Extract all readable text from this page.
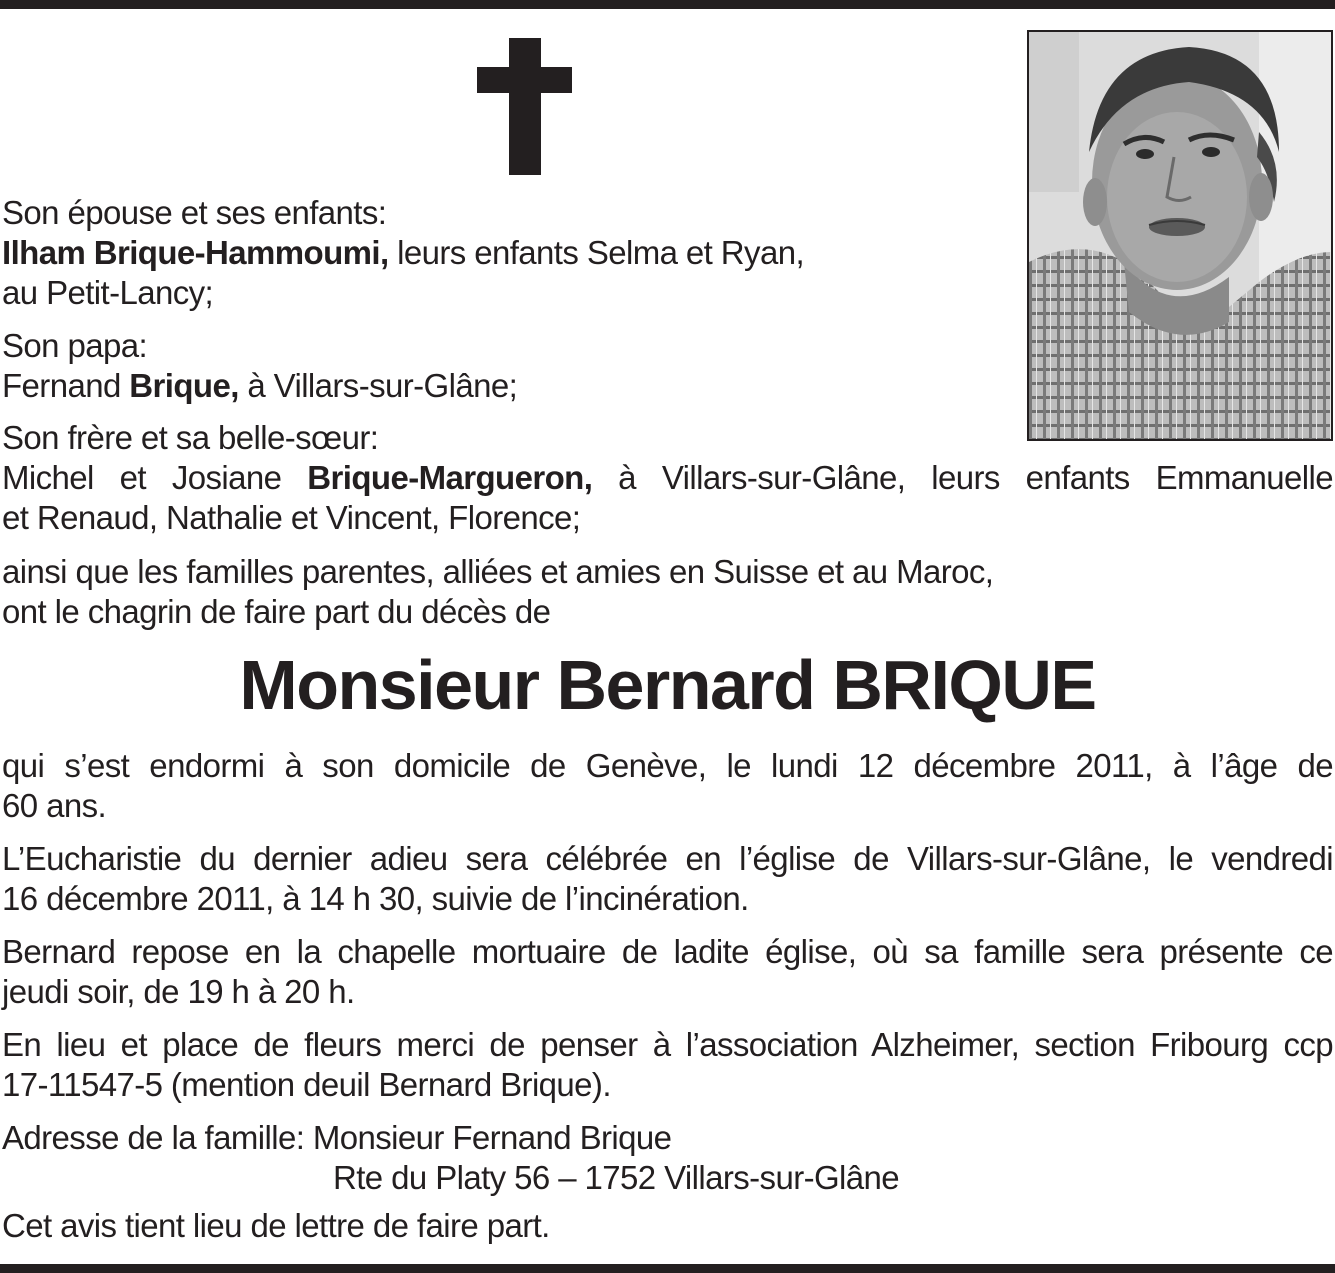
Son épouse et ses enfants:
Ilham Brique-Hammoumi, leurs enfants Selma et Ryan,
au Petit-Lancy;
Son papa:
Fernand Brique, à Villars-sur-Glâne;
Son frère et sa belle-sœur:
Michel et Josiane Brique-Margueron, à Villars-sur-Glâne, leurs enfants Emmanuelle
et Renaud, Nathalie et Vincent, Florence;
ainsi que les familles parentes, alliées et amies en Suisse et au Maroc,
ont le chagrin de faire part du décès de
Monsieur Bernard BRIQUE
qui s’est endormi à son domicile de Genève, le lundi 12 décembre 2011, à l’âge de
60 ans.
L’Eucharistie du dernier adieu sera célébrée en l’église de Villars-sur-Glâne, le vendredi
16 décembre 2011, à 14 h 30, suivie de l’incinération.
Bernard repose en la chapelle mortuaire de ladite église, où sa famille sera présente ce
jeudi soir, de 19 h à 20 h.
En lieu et place de fleurs merci de penser à l’association Alzheimer, section Fribourg ccp
17-11547-5 (mention deuil Bernard Brique).
Adresse de la famille: Monsieur Fernand Brique
Rte du Platy 56 – 1752 Villars-sur-Glâne
Cet avis tient lieu de lettre de faire part.
